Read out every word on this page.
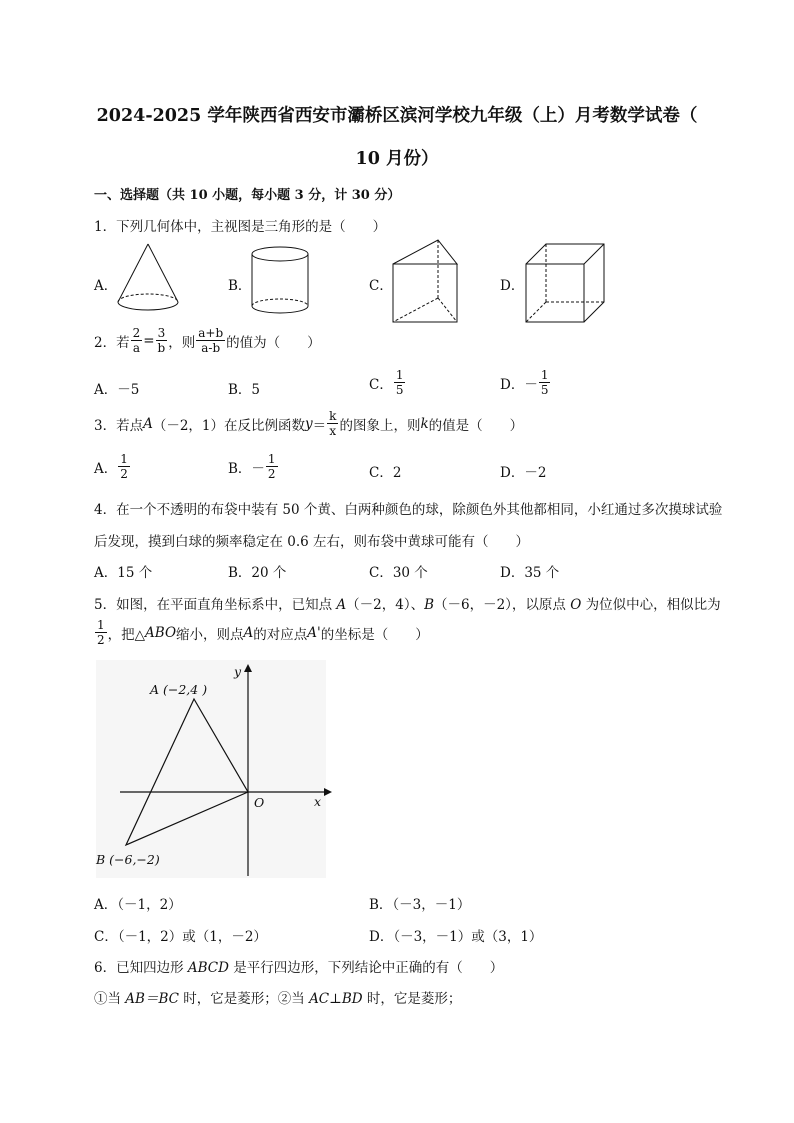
2024-2025 学年陕西省西安市灞桥区滨河学校九年级（上）月考数学试卷（
10 月份）
一、选择题（共 10 小题，每小题 3 分，计 30 分）
1．下列几何体中，主视图是三角形的是（　　）
A．	B．	C．	D．
2．若 $\frac{2}{a} = \frac{3}{b}$ ，则 $\frac{a+b}{a-b}$ 的值为（　　）
A．－5	B．5	C． $\frac{1}{5}$	D．－ $\frac{1}{5}$
3．若点 A （－2，1）在反比例函数 $y = \frac{k}{x}$ 的图象上，则 k 的值是（　　）
A． $\frac{1}{2}$	B．－ $\frac{1}{2}$	C．2	D．－2
4．在一个不透明的布袋中装有 50 个黄、白两种颜色的球，除颜色外其他都相同，小红通过多次摸球试验
后发现，摸到白球的频率稳定在 0.6 左右，则布袋中黄球可能有（　　）
A．15 个	B．20 个	C．30 个	D．35 个
5．如图，在平面直角坐标系中，已知点 A（－2，4）、B（－6，－2），以原点 O 为位似中心，相似比为
$\frac{1}{2}$ ，把△ ABO 缩小，则点 A 的对应点 A' 的坐标是（　　）
A (−2,4 )
B (−6,−2)
O	x
y
A．（－1，2）	B．（－3，－1）
C．（－1，2）或（1，－2）	D．（－3，－1）或（3，1）
6．已知四边形 ABCD 是平行四边形，下列结论中正确的有（　　）
①当 AB＝BC 时，它是菱形；②当 AC⊥BD 时，它是菱形；
